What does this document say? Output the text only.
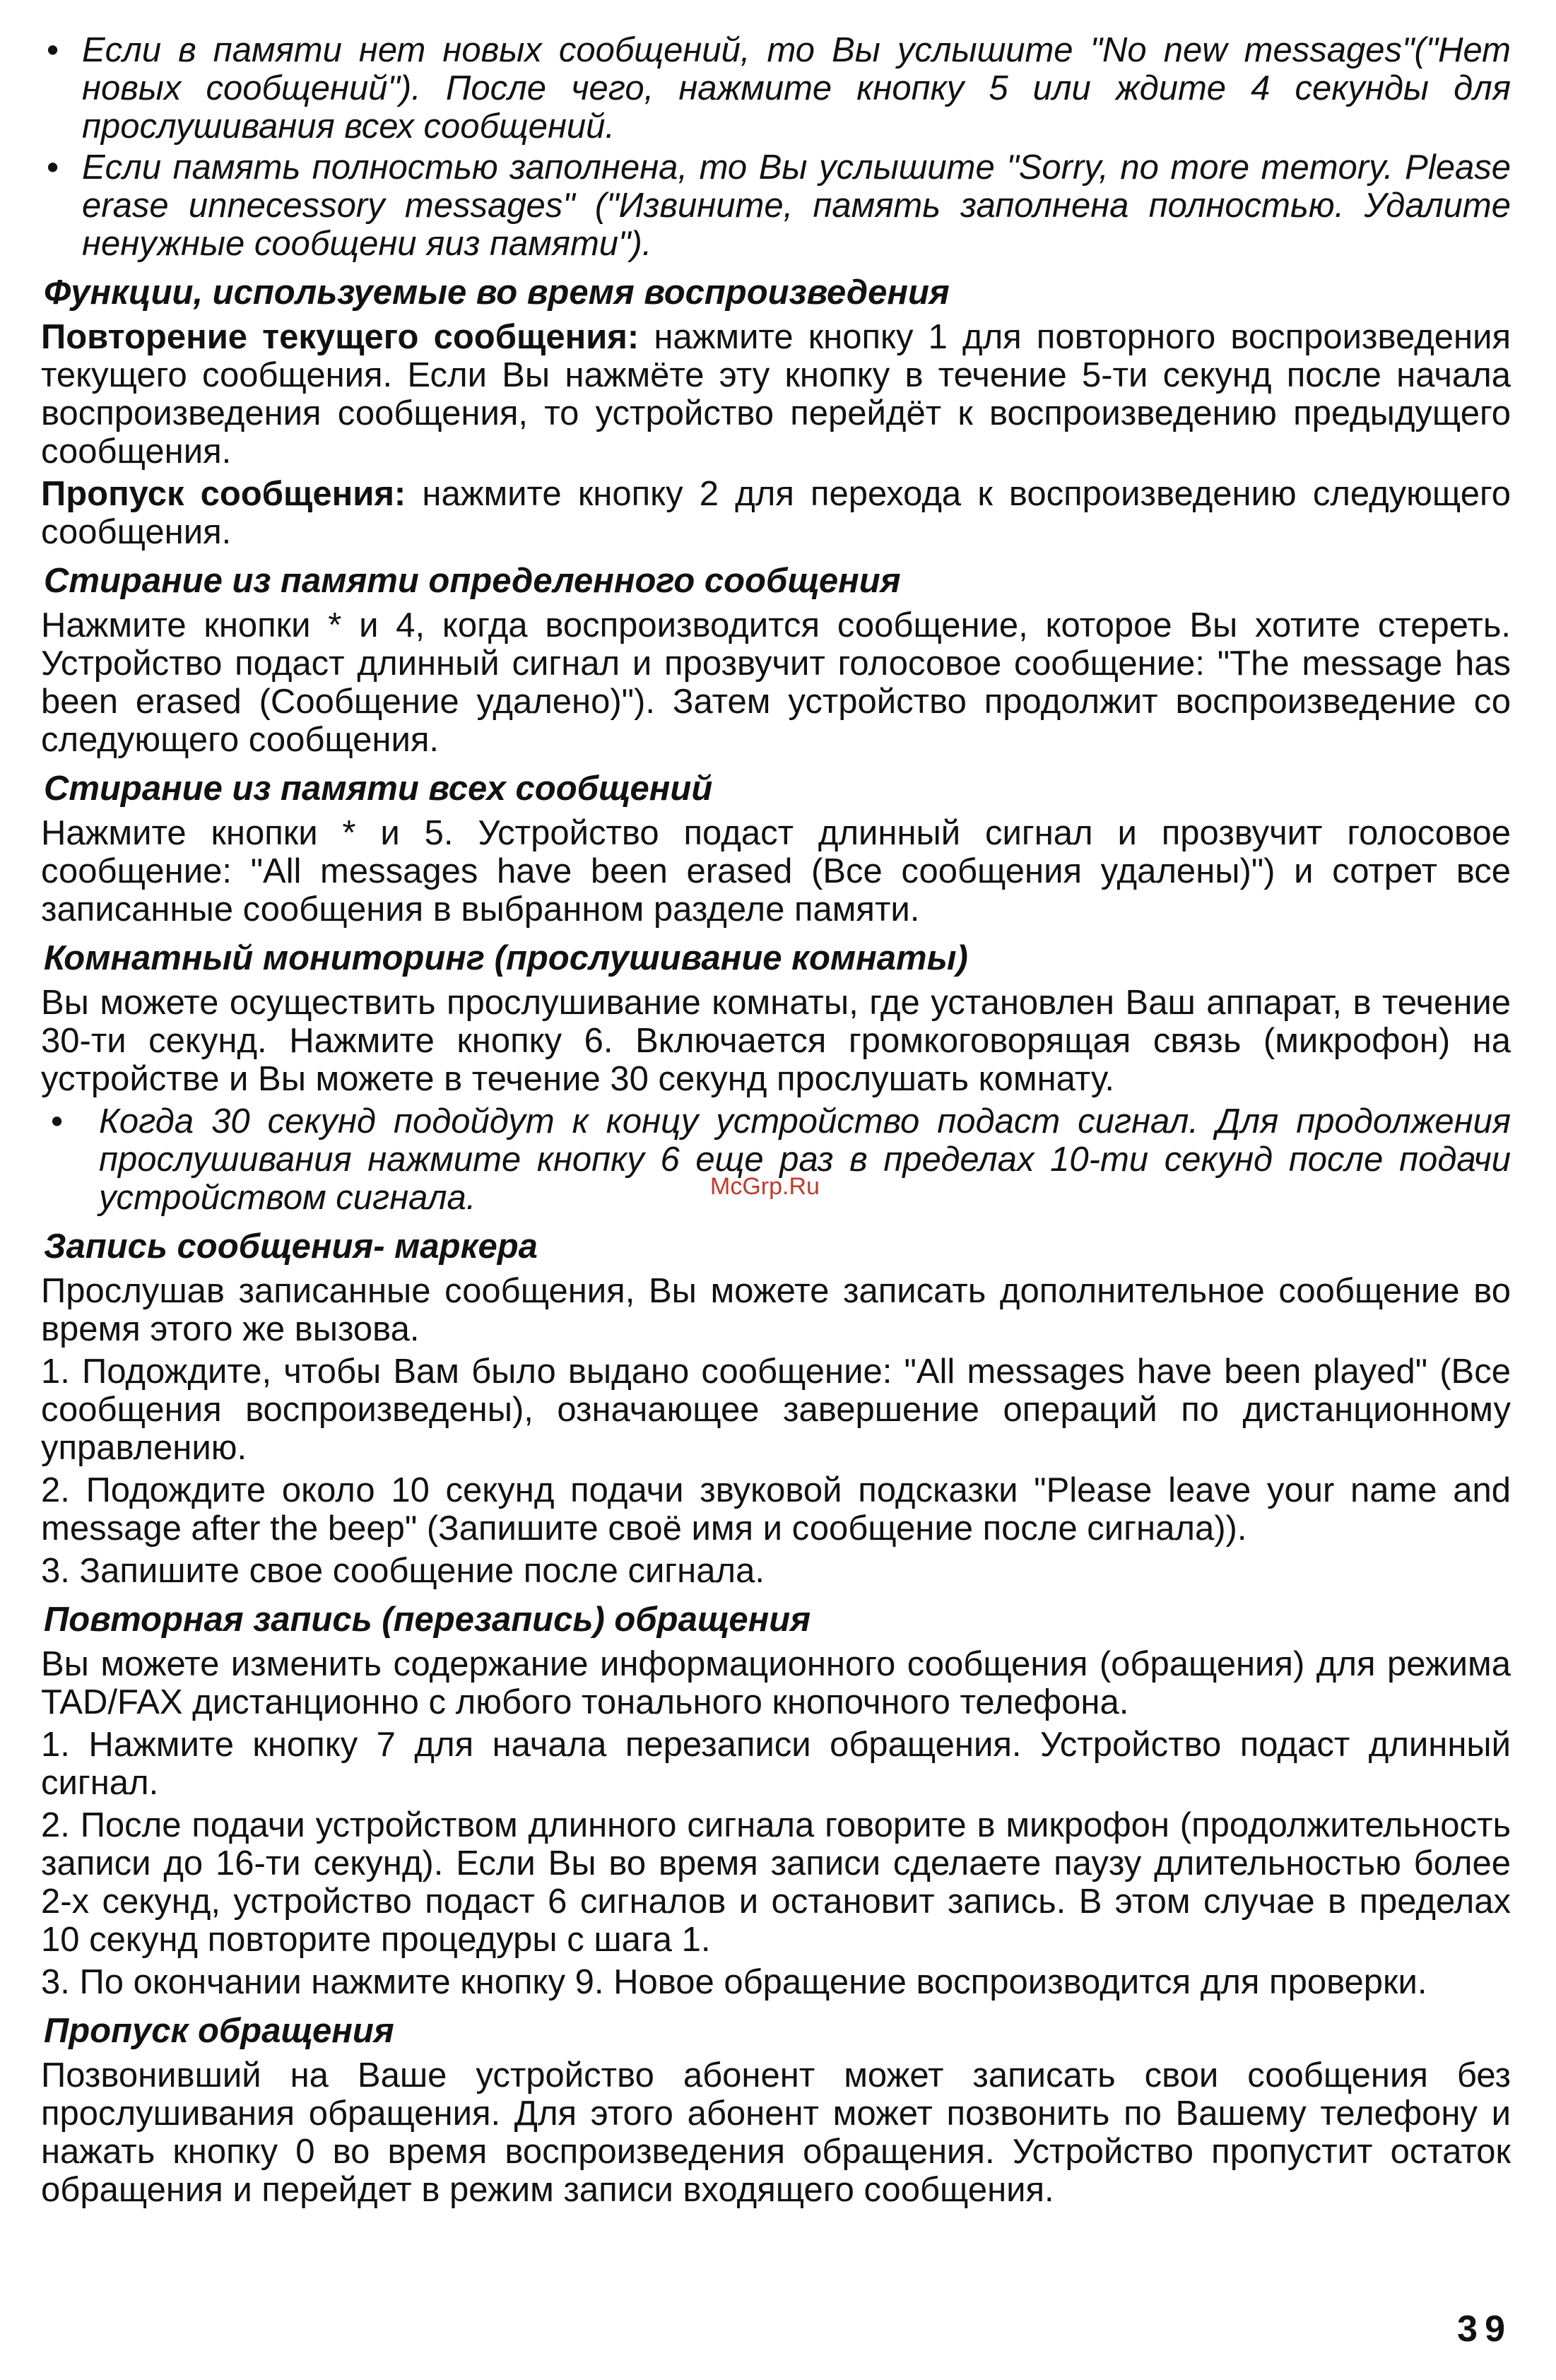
• Если в памяти нет новых сообщений, то Вы услышите "No new messages"("Нет новых сообщений"). После чего, нажмите кнопку 5 или ждите 4 секунды для прослушивания всех сообщений.
• Если память полностью заполнена, то Вы услышите "Sorry, no more memory. Please erase unnecessory messages" ("Извините, память заполнена полностью. Удалите ненужные сообщени яиз памяти").
Функции, используемые во время воспроизведения

Повторение текущего сообщения: нажмите кнопку 1 для повторного воспроизведения текущего сообщения. Если Вы нажмёте эту кнопку в течение 5-ти секунд после начала воспроизведения сообщения, то устройство перейдёт к воспроизведению предыдущего сообщения.

Пропуск сообщения: нажмите кнопку 2 для перехода к воспроизведению следующего сообщения.

Стирание из памяти определенного сообщения

Нажмите кнопки * и 4, когда воспроизводится сообщение, которое Вы хотите стереть. Устройство подаст длинный сигнал и прозвучит голосовое сообщение: "The message has been erased (Сообщение удалено)"). Затем устройство продолжит воспроизведение со следующего сообщения.

Стирание из памяти всех сообщений

Нажмите кнопки * и 5. Устройство подаст длинный сигнал и прозвучит голосовое сообщение: "All messages have been erased (Все сообщения удалены)") и сотрет все записанные сообщения в выбранном разделе памяти.

Комнатный мониторинг (прослушивание комнаты)

Вы можете осуществить прослушивание комнаты, где установлен Ваш аппарат, в течение 30-ти секунд. Нажмите кнопку 6. Включается громкоговорящая связь (микрофон) на устройстве и Вы можете в течение 30 секунд прослушать комнату.

• Когда 30 секунд подойдут к концу устройство подаст сигнал. Для продолжения прослушивания нажмите кнопку 6 еще раз в пределах 10-ти секунд после подачи устройством сигнала.
Запись сообщения- маркера

Прослушав записанные сообщения, Вы можете записать дополнительное сообщение во время этого же вызова.

1. Подождите, чтобы Вам было выдано сообщение: "All messages have been played" (Все сообщения воспроизведены), означающее завершение операций по дистанционному управлению.

2. Подождите около 10 секунд подачи звуковой подсказки "Please leave your name and message after the beep" (Запишите своё имя и сообщение после сигнала)).

3. Запишите свое сообщение после сигнала.

Повторная запись (перезапись) обращения

Вы можете изменить содержание информационного сообщения (обращения) для режима TAD/FAX дистанционно с любого тонального кнопочного телефона.

1. Нажмите кнопку 7 для начала перезаписи обращения. Устройство подаст длинный сигнал.

2. После подачи устройством длинного сигнала говорите в микрофон (продолжительность записи до 16-ти секунд). Если Вы во время записи сделаете паузу длительностью более 2-х секунд, устройство подаст 6 сигналов и остановит запись. В этом случае в пределах 10 секунд повторите процедуры с шага 1.

3. По окончании нажмите кнопку 9. Новое обращение воспроизводится для проверки.

Пропуск обращения

Позвонивший на Ваше устройство абонент может записать свои сообщения без прослушивания обращения. Для этого абонент может позвонить по Вашему телефону и нажать кнопку 0 во время воспроизведения обращения. Устройство пропустит остаток обращения и перейдет в режим записи входящего сообщения.

McGrp.Ru
39
